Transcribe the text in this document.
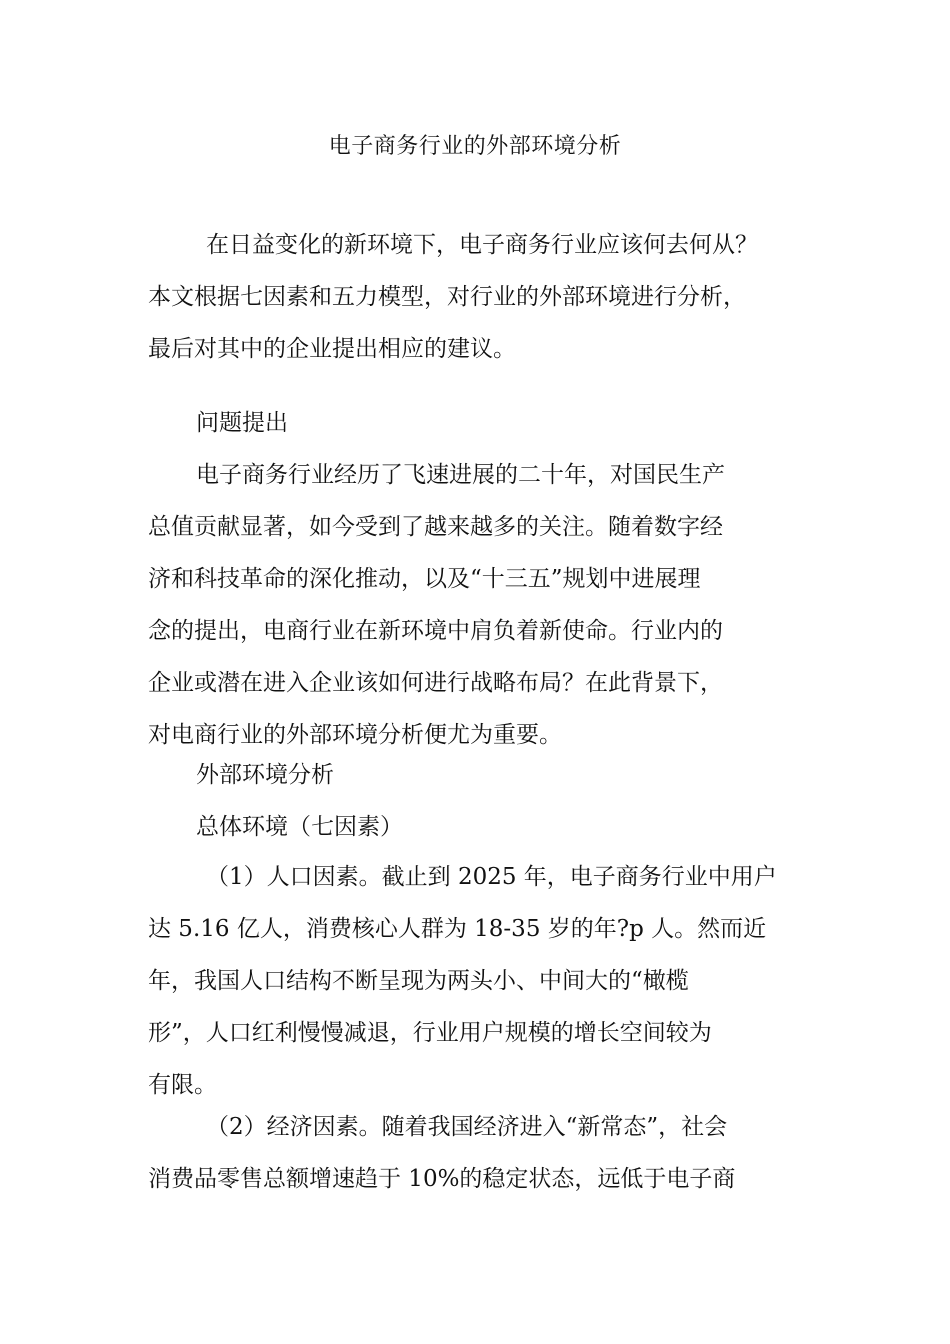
电子商务行业的外部环境分析
在日益变化的新环境下，电子商务行业应该何去何从？
本文根据七因素和五力模型，对行业的外部环境进行分析，
最后对其中的企业提出相应的建议。
问题提出
电子商务行业经历了飞速进展的二十年，对国民生产
总值贡献显著，如今受到了越来越多的关注。随着数字经
济和科技革命的深化推动，以及“十三五”规划中进展理
念的提出，电商行业在新环境中肩负着新使命。行业内的
企业或潜在进入企业该如何进行战略布局？在此背景下，
对电商行业的外部环境分析便尤为重要。
外部环境分析
总体环境（七因素）
（1）人口因素。截止到 2025 年，电子商务行业中用户
达 5.16 亿人，消费核心人群为 18-35 岁的年?p 人。然而近
年，我国人口结构不断呈现为两头小、中间大的“橄榄
形”，人口红利慢慢减退，行业用户规模的增长空间较为
有限。
（2）经济因素。随着我国经济进入“新常态”，社会
消费品零售总额增速趋于 10%的稳定状态，远低于电子商
